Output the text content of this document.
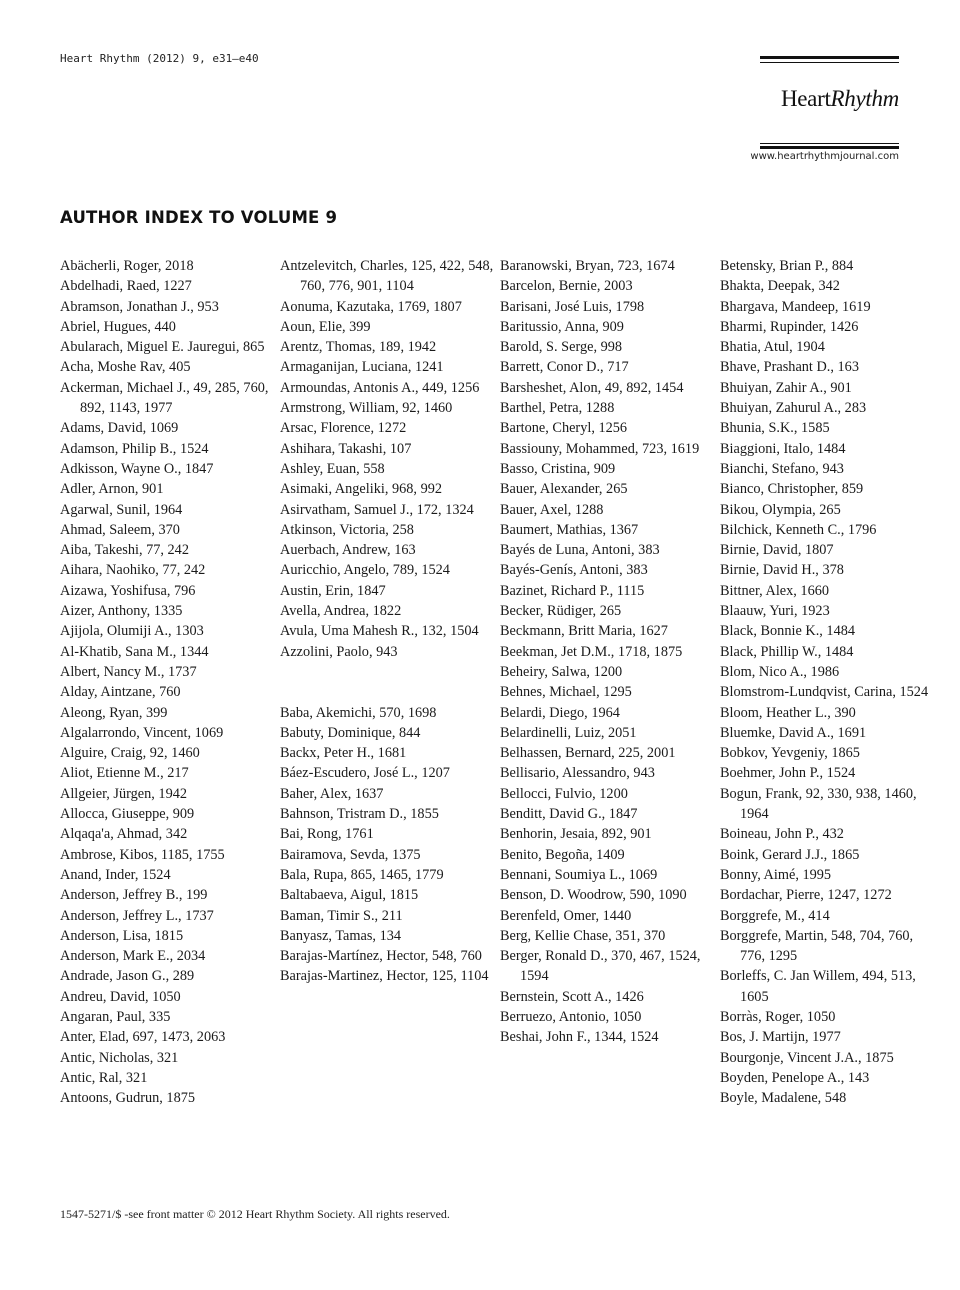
Heart Rhythm (2012) 9, e31–e40
HeartRhythm
www.heartrhythmjournal.com
AUTHOR INDEX TO VOLUME 9
Abächerli, Roger, 2018
Abdelhadi, Raed, 1227
Abramson, Jonathan J., 953
Abriel, Hugues, 440
Abularach, Miguel E. Jauregui, 865
Acha, Moshe Rav, 405
Ackerman, Michael J., 49, 285, 760, 892, 1143, 1977
Adams, David, 1069
Adamson, Philip B., 1524
Adkisson, Wayne O., 1847
Adler, Arnon, 901
Agarwal, Sunil, 1964
Ahmad, Saleem, 370
Aiba, Takeshi, 77, 242
Aihara, Naohiko, 77, 242
Aizawa, Yoshifusa, 796
Aizer, Anthony, 1335
Ajijola, Olumiji A., 1303
Al-Khatib, Sana M., 1344
Albert, Nancy M., 1737
Alday, Aintzane, 760
Aleong, Ryan, 399
Algalarrondo, Vincent, 1069
Alguire, Craig, 92, 1460
Aliot, Etienne M., 217
Allgeier, Jürgen, 1942
Allocca, Giuseppe, 909
Alqaqa'a, Ahmad, 342
Ambrose, Kibos, 1185, 1755
Anand, Inder, 1524
Anderson, Jeffrey B., 199
Anderson, Jeffrey L., 1737
Anderson, Lisa, 1815
Anderson, Mark E., 2034
Andrade, Jason G., 289
Andreu, David, 1050
Angaran, Paul, 335
Anter, Elad, 697, 1473, 2063
Antic, Nicholas, 321
Antic, Ral, 321
Antoons, Gudrun, 1875
Antzelevitch, Charles, 125, 422, 548, 760, 776, 901, 1104
Aonuma, Kazutaka, 1769, 1807
Aoun, Elie, 399
Arentz, Thomas, 189, 1942
Armaganijan, Luciana, 1241
Armoundas, Antonis A., 449, 1256
Armstrong, William, 92, 1460
Arsac, Florence, 1272
Ashihara, Takashi, 107
Ashley, Euan, 558
Asimaki, Angeliki, 968, 992
Asirvatham, Samuel J., 172, 1324
Atkinson, Victoria, 258
Auerbach, Andrew, 163
Auricchio, Angelo, 789, 1524
Austin, Erin, 1847
Avella, Andrea, 1822
Avula, Uma Mahesh R., 132, 1504
Azzolini, Paolo, 943
Baba, Akemichi, 570, 1698
Babuty, Dominique, 844
Backx, Peter H., 1681
Báez-Escudero, José L., 1207
Baher, Alex, 1637
Bahnson, Tristram D., 1855
Bai, Rong, 1761
Bairamova, Sevda, 1375
Bala, Rupa, 865, 1465, 1779
Baltabaeva, Aigul, 1815
Baman, Timir S., 211
Banyasz, Tamas, 134
Barajas-Martínez, Hector, 548, 760
Barajas-Martinez, Hector, 125, 1104
Baranowski, Bryan, 723, 1674
Barcelon, Bernie, 2003
Barisani, José Luis, 1798
Baritussio, Anna, 909
Barold, S. Serge, 998
Barrett, Conor D., 717
Barsheshet, Alon, 49, 892, 1454
Barthel, Petra, 1288
Bartone, Cheryl, 1256
Bassiouny, Mohammed, 723, 1619
Basso, Cristina, 909
Bauer, Alexander, 265
Bauer, Axel, 1288
Baumert, Mathias, 1367
Bayés de Luna, Antoni, 383
Bayés-Genís, Antoni, 383
Bazinet, Richard P., 1115
Becker, Rüdiger, 265
Beckmann, Britt Maria, 1627
Beekman, Jet D.M., 1718, 1875
Beheiry, Salwa, 1200
Behnes, Michael, 1295
Belardi, Diego, 1964
Belardinelli, Luiz, 2051
Belhassen, Bernard, 225, 2001
Bellisario, Alessandro, 943
Bellocci, Fulvio, 1200
Benditt, David G., 1847
Benhorin, Jesaia, 892, 901
Benito, Begoña, 1409
Bennani, Soumiya L., 1069
Benson, D. Woodrow, 590, 1090
Berenfeld, Omer, 1440
Berg, Kellie Chase, 351, 370
Berger, Ronald D., 370, 467, 1524, 1594
Bernstein, Scott A., 1426
Berruezo, Antonio, 1050
Beshai, John F., 1344, 1524
Betensky, Brian P., 884
Bhakta, Deepak, 342
Bhargava, Mandeep, 1619
Bharmi, Rupinder, 1426
Bhatia, Atul, 1904
Bhave, Prashant D., 163
Bhuiyan, Zahir A., 901
Bhuiyan, Zahurul A., 283
Bhunia, S.K., 1585
Biaggioni, Italo, 1484
Bianchi, Stefano, 943
Bianco, Christopher, 859
Bikou, Olympia, 265
Bilchick, Kenneth C., 1796
Birnie, David, 1807
Birnie, David H., 378
Bittner, Alex, 1660
Blaauw, Yuri, 1923
Black, Bonnie K., 1484
Black, Phillip W., 1484
Blom, Nico A., 1986
Blomstrom-Lundqvist, Carina, 1524
Bloom, Heather L., 390
Bluemke, David A., 1691
Bobkov, Yevgeniy, 1865
Boehmer, John P., 1524
Bogun, Frank, 92, 330, 938, 1460, 1964
Boineau, John P., 432
Boink, Gerard J.J., 1865
Bonny, Aimé, 1995
Bordachar, Pierre, 1247, 1272
Borggrefe, M., 414
Borggrefe, Martin, 548, 704, 760, 776, 1295
Borleffs, C. Jan Willem, 494, 513, 1605
Borràs, Roger, 1050
Bos, J. Martijn, 1977
Bourgonje, Vincent J.A., 1875
Boyden, Penelope A., 143
Boyle, Madalene, 548
1547-5271/$ -see front matter © 2012 Heart Rhythm Society. All rights reserved.
